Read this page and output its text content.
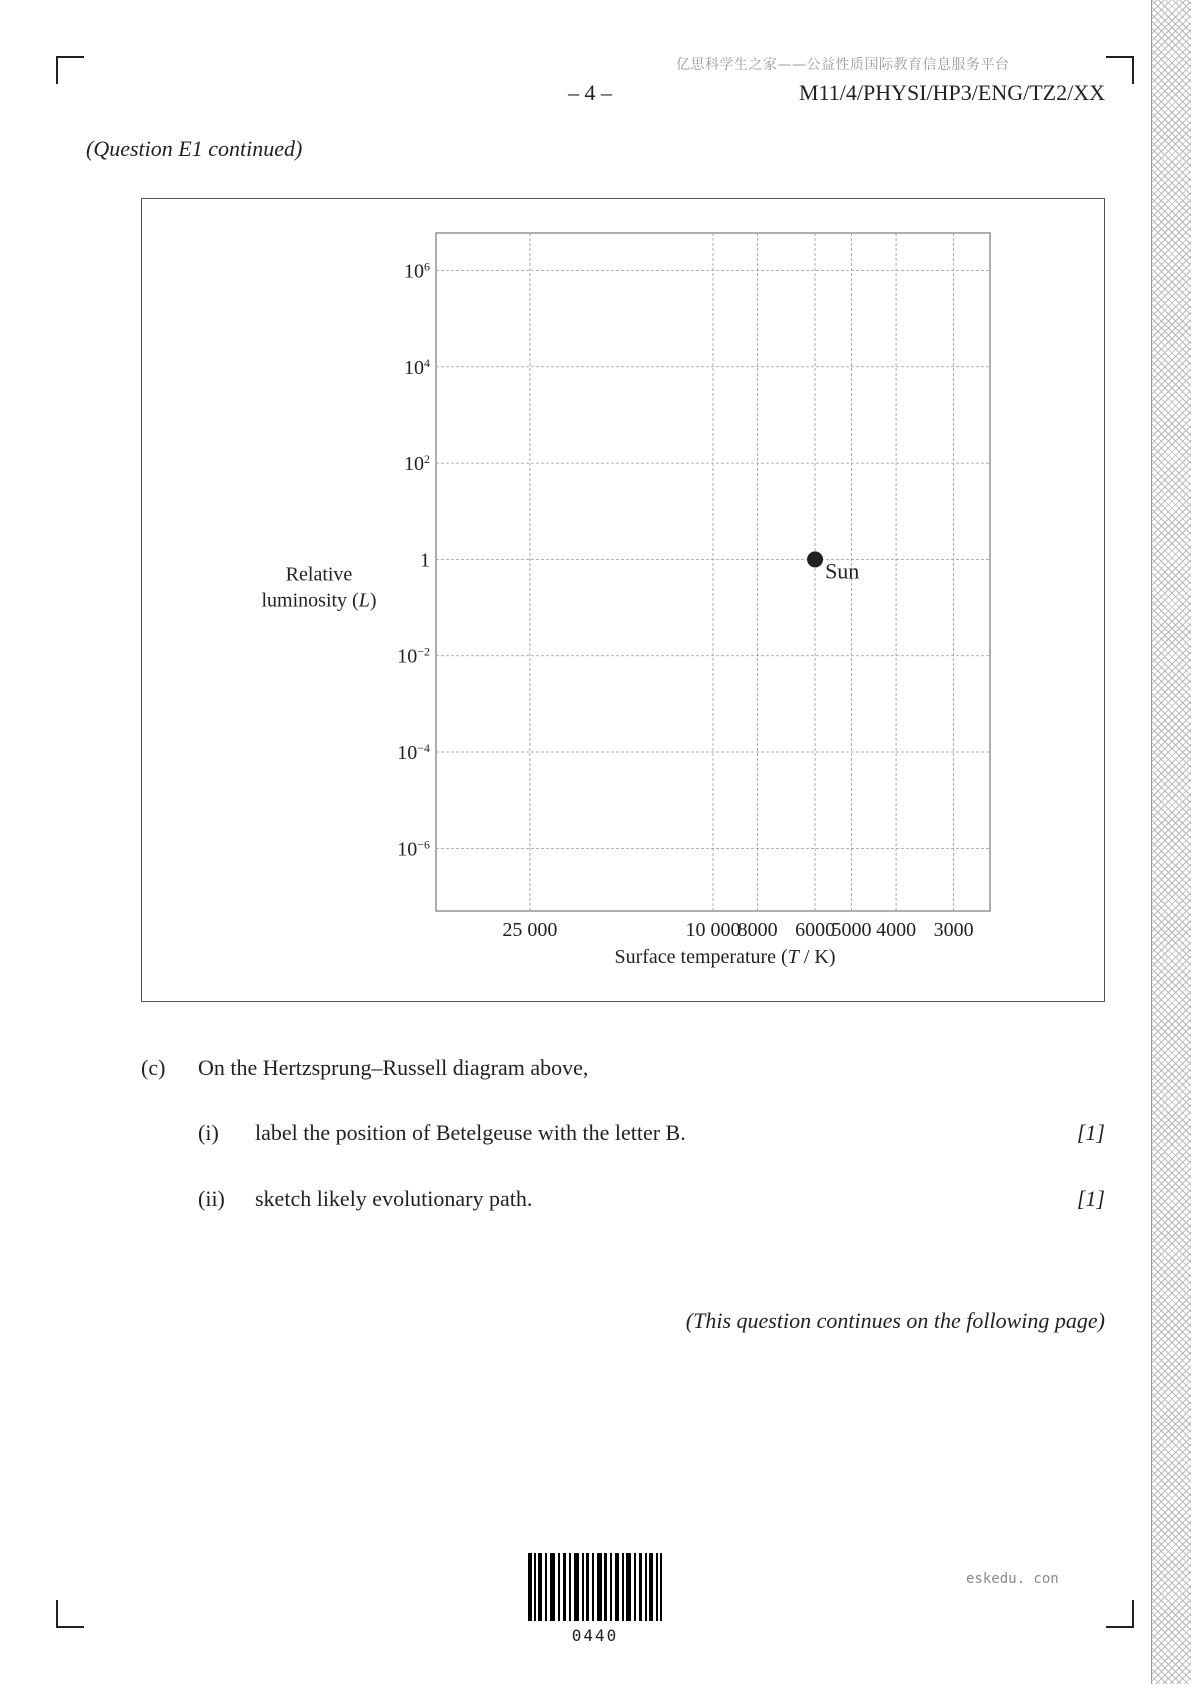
亿思科学生之家——公益性质国际教育信息服务平台
– 4 –	M11/4/PHYSI/HP3/ENG/TZ2/XX
(Question E1 continued)
25 000	10 000
8000 6000
5000 4000 3000
$10^6$
$10^4$
$10^2$
1
$10^{-2}$
$10^{-4}$
$10^{-6}$
Surface temperature (T / K)
Relative
luminosity (L)
Sun
(c) On the Hertzsprung–Russell diagram above,
(i) label the position of Betelgeuse with the letter B.	[1]
(ii) sketch likely evolutionary path.	[1]
(This question continues on the following page)
0440
eskedu. con
